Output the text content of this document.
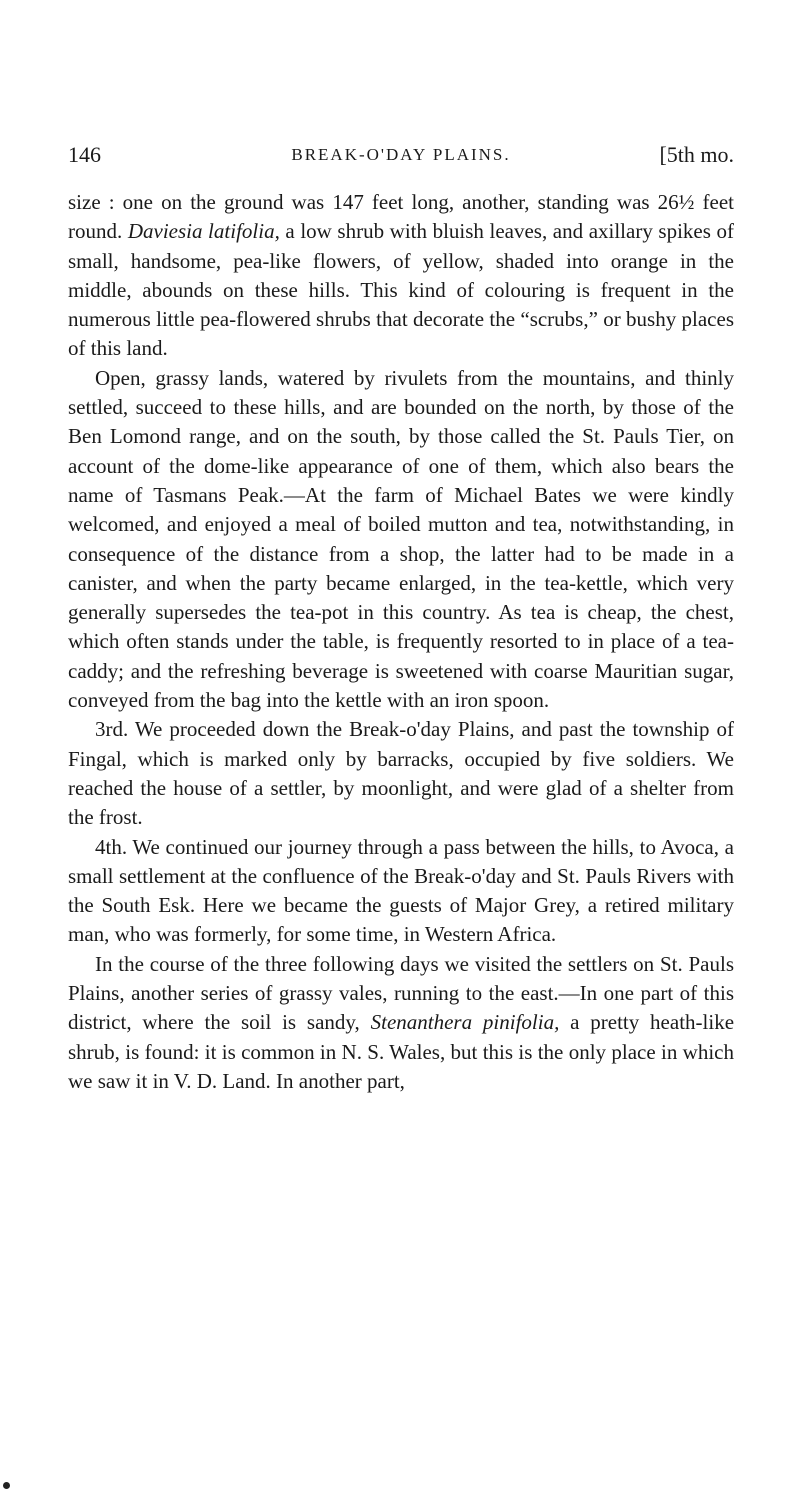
146	BREAK-O'DAY PLAINS.	[5th mo.

size : one on the ground was 147 feet long, another, standing was 26½ feet round. Daviesia latifolia, a low shrub with bluish leaves, and axillary spikes of small, handsome, pea-like flowers, of yellow, shaded into orange in the middle, abounds on these hills. This kind of colouring is frequent in the numerous little pea-flowered shrubs that decorate the “scrubs,” or bushy places of this land.

Open, grassy lands, watered by rivulets from the mountains, and thinly settled, succeed to these hills, and are bounded on the north, by those of the Ben Lomond range, and on the south, by those called the St. Pauls Tier, on account of the dome-like appearance of one of them, which also bears the name of Tasmans Peak.—At the farm of Michael Bates we were kindly welcomed, and enjoyed a meal of boiled mutton and tea, notwithstanding, in consequence of the distance from a shop, the latter had to be made in a canister, and when the party became enlarged, in the tea-kettle, which very generally supersedes the tea-pot in this country. As tea is cheap, the chest, which often stands under the table, is frequently resorted to in place of a tea-caddy; and the refreshing beverage is sweetened with coarse Mauritian sugar, conveyed from the bag into the kettle with an iron spoon.

3rd. We proceeded down the Break-o'day Plains, and past the township of Fingal, which is marked only by barracks, occupied by five soldiers. We reached the house of a settler, by moonlight, and were glad of a shelter from the frost.

4th. We continued our journey through a pass between the hills, to Avoca, a small settlement at the confluence of the Break-o'day and St. Pauls Rivers with the South Esk. Here we became the guests of Major Grey, a retired military man, who was formerly, for some time, in Western Africa.

In the course of the three following days we visited the settlers on St. Pauls Plains, another series of grassy vales, running to the east.—In one part of this district, where the soil is sandy, Stenanthera pinifolia, a pretty heath-like shrub, is found: it is common in N. S. Wales, but this is the only place in which we saw it in V. D. Land. In another part,
